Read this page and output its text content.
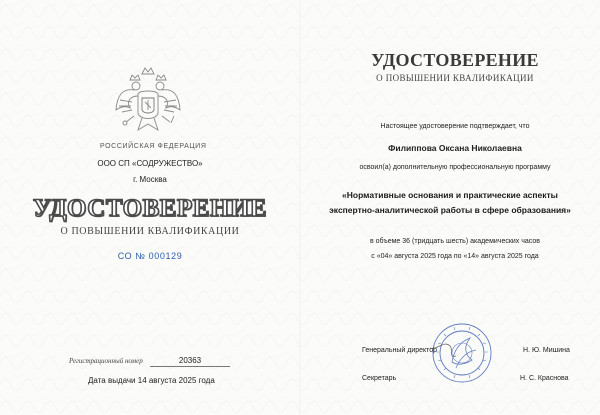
РОССИЙСКАЯ ФЕДЕРАЦИЯ
ООО СП «СОДРУЖЕСТВО»
г. Москва
УДОСТОВЕРЕНИЕ
О ПОВЫШЕНИИ КВАЛИФИКАЦИИ
СО № 000129
Регистрационный номер	20363
Дата выдачи 14 августа 2025 года
УДОСТОВЕРЕНИЕ
О ПОВЫШЕНИИ КВАЛИФИКАЦИИ
Настоящее удостоверение подтверждает, что
Филиппова Оксана Николаевна
освоил(а) дополнительную профессиональную программу
«Нормативные основания и практические аспекты
экспертно-аналитической работы в сфере образования»
в объеме 36 (тридцать шесть) академических часов
с «04» августа 2025 года по «14» августа 2025 года
Генеральный директор	Н. Ю. Мишина
Секретарь	Н. С. Краснова
